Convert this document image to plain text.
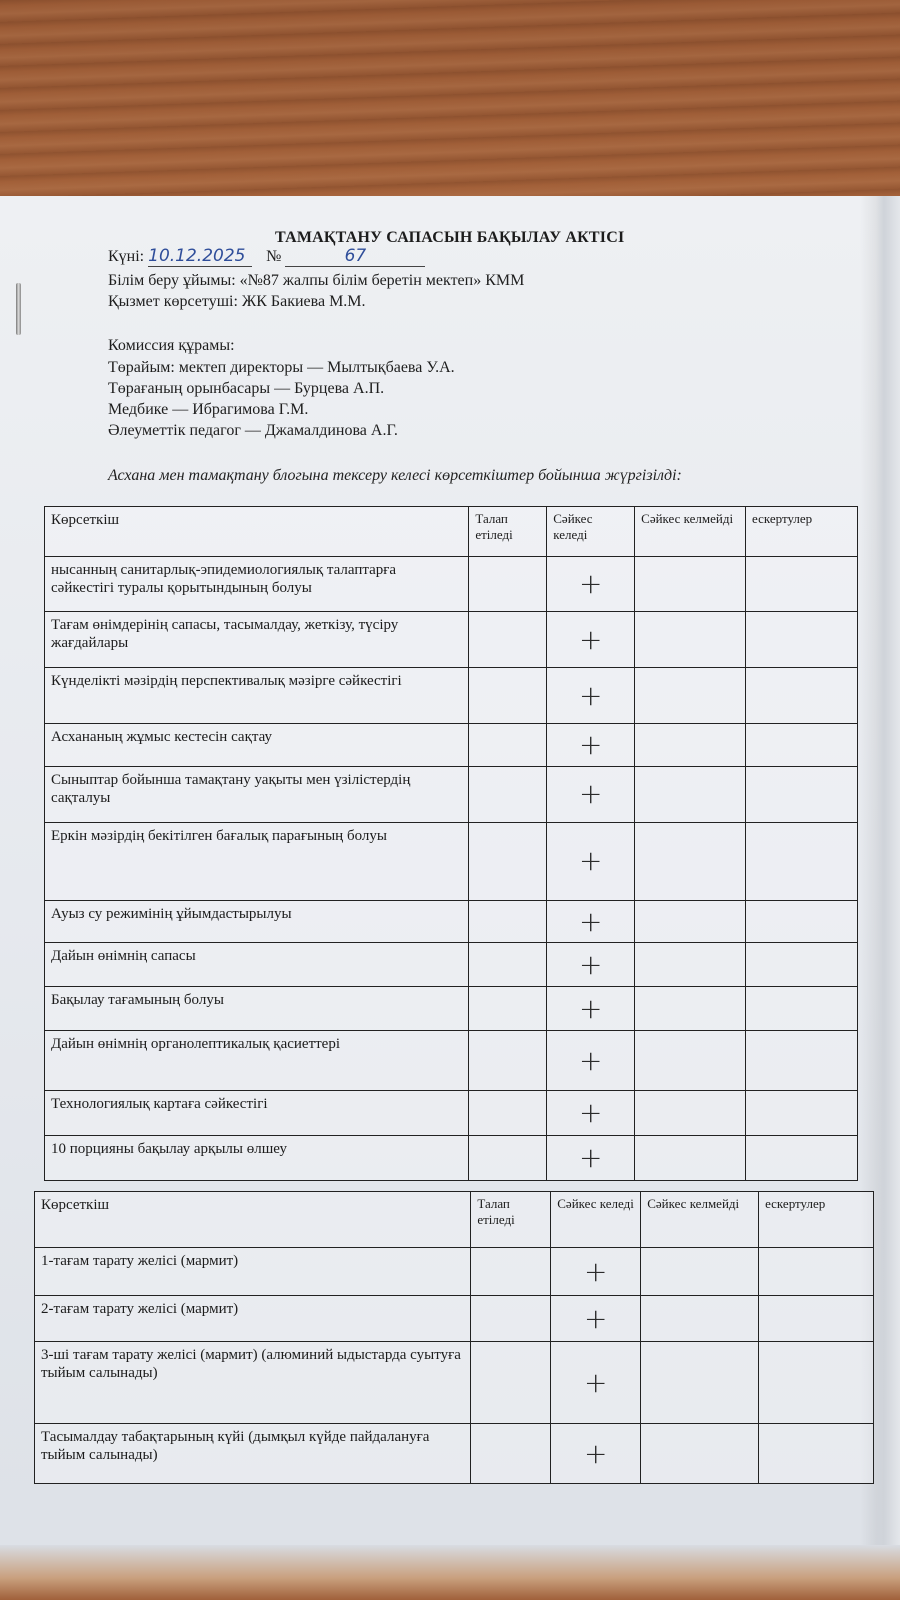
ТАМАҚТАНУ САПАСЫН БАҚЫЛАУ АКТІСІ
Күні: 10.12.2025 №	67
Білім беру ұйымы: «№87 жалпы білім беретін мектеп» КММ
Қызмет көрсетуші: ЖК Бакиева М.М.
Комиссия құрамы:
Төрайым: мектеп директоры — Мылтықбаева У.А.
Төрағаның орынбасары — Бурцева А.П.
Медбике — Ибрагимова Г.М.
Әлеуметтік педагог — Джамалдинова А.Г.
Асхана мен тамақтану блогына тексеру келесі көрсеткіштер бойынша жүргізілді:
Көрсеткіш	Талап етіледі	Сәйкес келеді	Сәйкес келмейді	ескертулер
нысанның санитарлық-эпидемиологиялық талаптарға сәйкестігі туралы қорытындының болуы		+		
Тағам өнімдерінің сапасы, тасымалдау, жеткізу, түсіру жағдайлары		+		
Күнделікті мәзірдің перспективалық мәзірге сәйкестігі		+		
Асхананың жұмыс кестесін сақтау		+		
Сыныптар бойынша тамақтану уақыты мен үзілістердің сақталуы		+		
Еркін мәзірдің бекітілген бағалық парағының болуы		+		
Ауыз су режимінің ұйымдастырылуы		+		
Дайын өнімнің сапасы		+		
Бақылау тағамының болуы		+		
Дайын өнімнің органолептикалық қасиеттері		+		
Технологиялық картаға сәйкестігі		+		
10 порцияны бақылау арқылы өлшеу		+		
Көрсеткіш	Талап етіледі	Сәйкес келеді	Сәйкес келмейді	ескертулер
1-тағам тарату желісі (мармит)		+		
2-тағам тарату желісі (мармит)		+		
3-ші тағам тарату желісі (мармит) (алюминий ыдыстарда суытуға тыйым салынады)		+		
Тасымалдау табақтарының күйі (дымқыл күйде пайдалануға тыйым салынады)		+		
